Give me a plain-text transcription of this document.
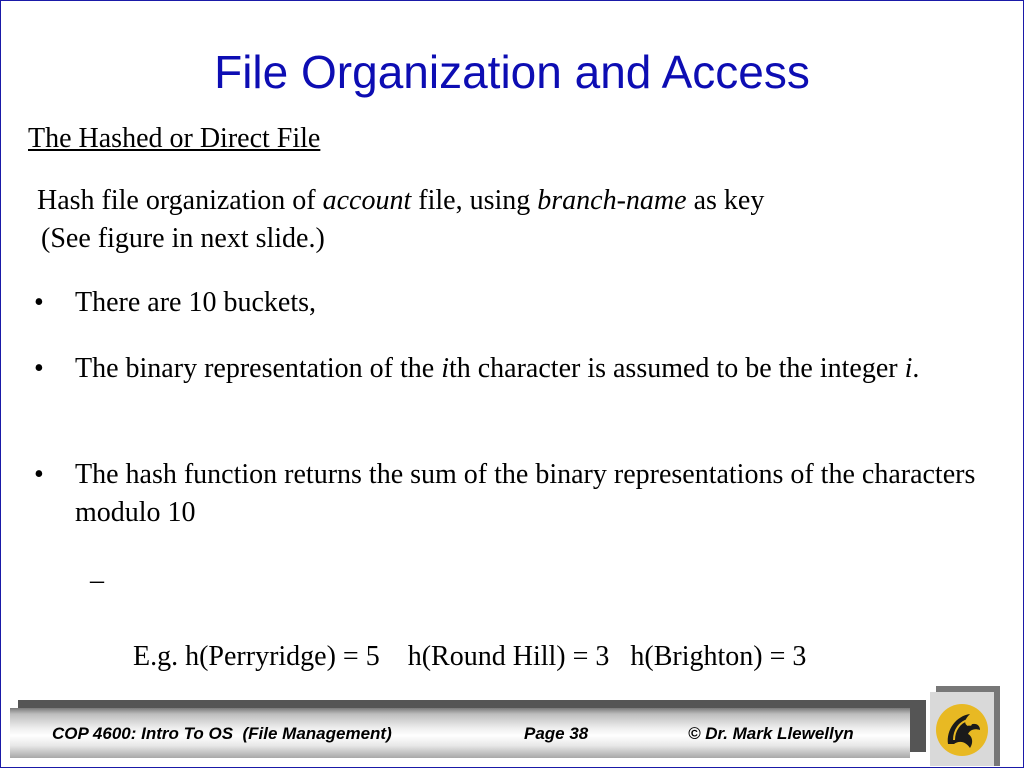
File Organization and Access
The Hashed or Direct File
Hash file organization of account file, using branch-name as key
(See figure in next slide.)
• There are 10 buckets,
• The binary representation of the ith character is assumed to be the integer i.
• The hash function returns the sum of the binary representations of the characters modulo 10

–

E.g. h(Perryridge) = 5    h(Round Hill) = 3   h(Brighton) = 3

COP 4600: Intro To OS  (File Management)	Page 38	© Dr. Mark Llewellyn
